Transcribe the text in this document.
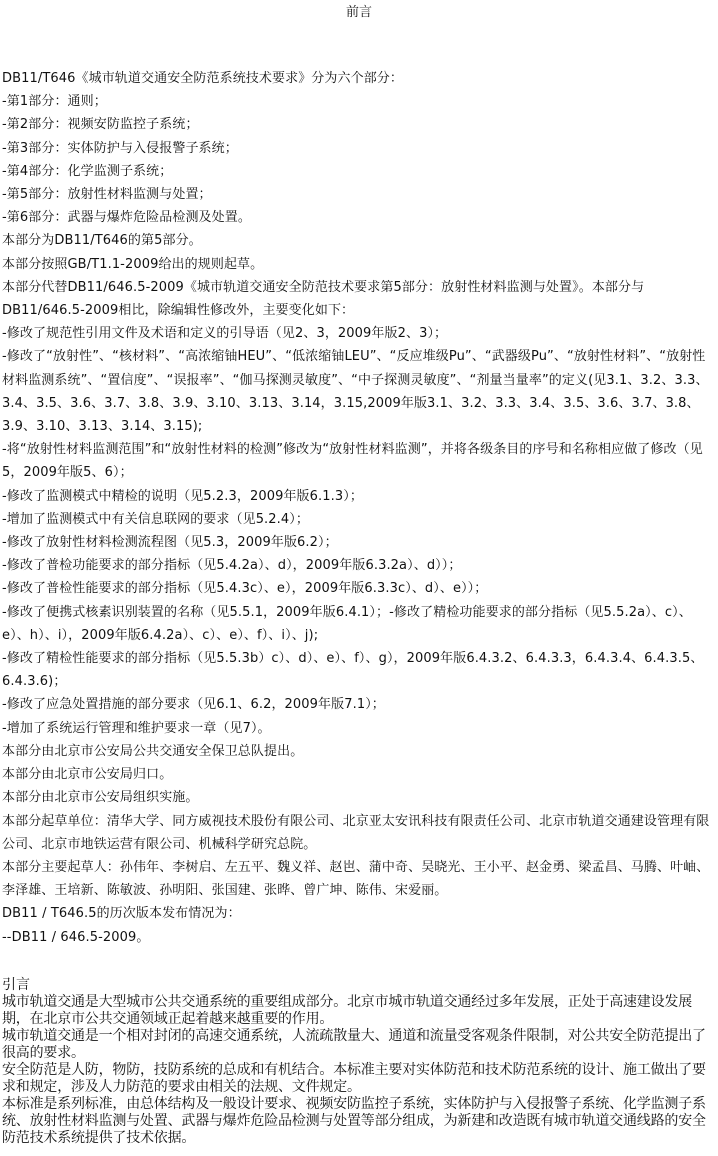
前言

DB11/T646《城市轨道交通安全防范系统技术要求》分为六个部分：

-第1部分：通则；

-第2部分：视频安防监控子系统；

-第3部分：实体防护与入侵报警子系统；

-第4部分：化学监测子系统；

-第5部分：放射性材料监测与处置；

-第6部分：武器与爆炸危险品检测及处置。

本部分为DB11/T646的第5部分。

本部分按照GB/T1.1-2009给出的规则起草。

本部分代替DB11/646.5-2009《城市轨道交通安全防范技术要求第5部分：放射性材料监测与处置》。本部分与DB11/646.5-2009相比，除编辑性修改外，主要变化如下：

-修改了规范性引用文件及术语和定义的引导语（见2、3，2009年版2、3）；

-修改了“放射性”、“核材料”、“高浓缩铀HEU”、“低浓缩铀LEU”、“反应堆级Pu”、“武器级Pu”、“放射性材料”、“放射性材料监测系统”、“置信度”、“误报率”、“伽马探测灵敏度”、“中子探测灵敏度”、“剂量当量率”的定义(见3.1、3.2、3.3、3.4、3.5、3.6、3.7、3.8、3.9、3.10、3.13、3.14，3.15,2009年版3.1、3.2、3.3、3.4、3.5、3.6、3.7、3.8、3.9、3.10、3.13、3.14、3.15);

-将“放射性材料监测范围”和“放射性材料的检测”修改为“放射性材料监测”，并将各级条目的序号和名称相应做了修改（见5，2009年版5、6）；

-修改了监测模式中精检的说明（见5.2.3，2009年版6.1.3）；

-增加了监测模式中有关信息联网的要求（见5.2.4）；

-修改了放射性材料检测流程图（见5.3，2009年版6.2）；

-修改了普检功能要求的部分指标（见5.4.2a）、d），2009年版6.3.2a）、d））；

-修改了普检性能要求的部分指标（见5.4.3c）、e），2009年版6.3.3c）、d）、e））；

-修改了便携式核素识别装置的名称（见5.5.1，2009年版6.4.1）；-修改了精检功能要求的部分指标（见5.5.2a）、c）、e）、h）、i），2009年版6.4.2a）、c）、e）、f）、i）、j);

-修改了精检性能要求的部分指标（见5.5.3b）c）、d）、e）、f）、g），2009年版6.4.3.2、6.4.3.3，6.4.3.4、6.4.3.5、6.4.3.6)；

-修改了应急处置措施的部分要求（见6.1、6.2，2009年版7.1）；

-增加了系统运行管理和维护要求一章（见7）。

本部分由北京市公安局公共交通安全保卫总队提出。

本部分由北京市公安局归口。

本部分由北京市公安局组织实施。

本部分起草单位：清华大学、同方威视技术股份有限公司、北京亚太安讯科技有限责任公司、北京市轨道交通建设管理有限公司、北京市地铁运营有限公司、机械科学研究总院。

本部分主要起草人：孙伟年、李树启、左五平、魏义祥、赵岜、蒲中奇、吴晓光、王小平、赵金勇、梁孟昌、马腾、叶岫、李泽雄、王培新、陈敏波、孙明阳、张国建、张晔、曾广坤、陈伟、宋爱丽。

DB11 / T646.5的历次版本发布情况为：

--DB11 / 646.5-2009。

引言

城市轨道交通是大型城市公共交通系统的重要组成部分。北京市城市轨道交通经过多年发展，正处于高速建设发展期，在北京市公共交通领域正起着越来越重要的作用。

城市轨道交通是一个相对封闭的高速交通系统，人流疏散量大、通道和流量受客观条件限制，对公共安全防范提出了很高的要求。

安全防范是人防，物防，技防系统的总成和有机结合。本标准主要对实体防范和技术防范系统的设计、施工做出了要求和规定，涉及人力防范的要求由相关的法规、文件规定。

本标准是系列标准，由总体结构及一般设计要求、视频安防监控子系统，实体防护与入侵报警子系统、化学监测子系统、放射性材料监测与处置、武器与爆炸危险品检测与处置等部分组成，为新建和改造既有城市轨道交通线路的安全防范技术系统提供了技术依据。
